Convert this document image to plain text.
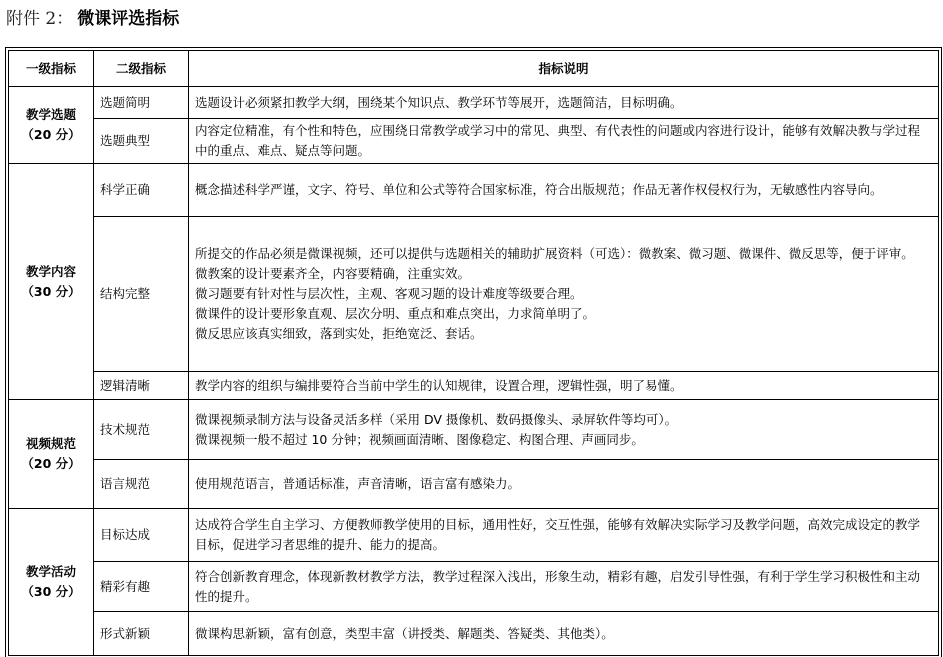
附件 2： 微课评选指标
一级指标	二级指标	指标说明
教学选题
（20 分）	选题简明	选题设计必须紧扣教学大纲，围绕某个知识点、教学环节等展开，选题简洁，目标明确。

	选题典型	内容定位精准，有个性和特色，应围绕日常教学或学习中的常见、典型、有代表性的问题或内容进行设计，能够有效解决教与学过程中的重点、难点、疑点等问题。

教学内容
（30 分）	科学正确	概念描述科学严谨，文字、符号、单位和公式等符合国家标准，符合出版规范；作品无著作权侵权行为，无敏感性内容导向。

	结构完整	所提交的作品必须是微课视频，还可以提供与选题相关的辅助扩展资料（可选）：微教案、微习题、微课件、微反思等，便于评审。
微教案的设计要素齐全，内容要精确，注重实效。
微习题要有针对性与层次性，主观、客观习题的设计难度等级要合理。
微课件的设计要形象直观、层次分明、重点和难点突出，力求简单明了。
微反思应该真实细致，落到实处，拒绝宽泛、套话。

	逻辑清晰	教学内容的组织与编排要符合当前中学生的认知规律，设置合理，逻辑性强，明了易懂。

视频规范
（20 分）	技术规范	微课视频录制方法与设备灵活多样（采用 DV 摄像机、数码摄像头、录屏软件等均可）。
微课视频一般不超过 10 分钟；视频画面清晰、图像稳定、构图合理、声画同步。

	语言规范	使用规范语言，普通话标准，声音清晰，语言富有感染力。

教学活动
（30 分）	目标达成	达成符合学生自主学习、方便教师教学使用的目标，通用性好，交互性强，能够有效解决实际学习及教学问题，高效完成设定的教学目标，促进学习者思维的提升、能力的提高。

	精彩有趣	符合创新教育理念，体现新教材教学方法，教学过程深入浅出，形象生动，精彩有趣，启发引导性强，有利于学生学习积极性和主动性的提升。

	形式新颖	微课构思新颖，富有创意，类型丰富（讲授类、解题类、答疑类、其他类）。
